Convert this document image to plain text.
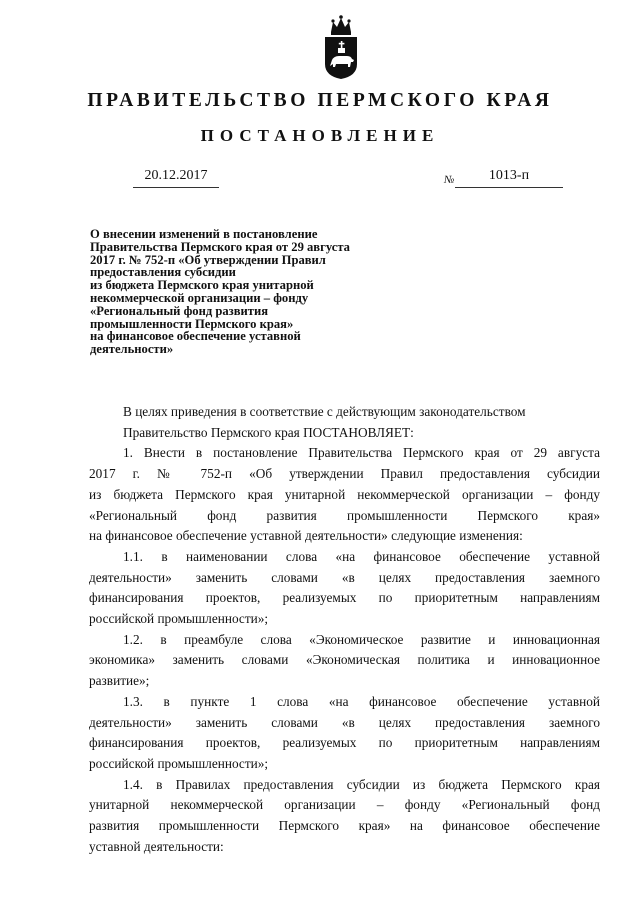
ПРАВИТЕЛЬСТВО ПЕРМСКОГО КРАЯ
ПОСТАНОВЛЕНИЕ
20.12.2017	№	1013-п
О внесении изменений в постановление
Правительства Пермского края от 29 августа
2017 г. № 752-п «Об утверждении Правил
предоставления субсидии
из бюджета Пермского края унитарной
некоммерческой организации – фонду
«Региональный фонд развития
промышленности Пермского края»
на финансовое обеспечение уставной
деятельности»
В целях приведения в соответствие с действующим законодательством
Правительство Пермского края ПОСТАНОВЛЯЕТ:
1. Внести в постановление Правительства Пермского края от 29 августа
2017 г. № 752-п «Об утверждении Правил предоставления субсидии
из бюджета Пермского края унитарной некоммерческой организации – фонду
«Региональный фонд развития промышленности Пермского края»
на финансовое обеспечение уставной деятельности» следующие изменения:
1.1. в наименовании слова «на финансовое обеспечение уставной
деятельности» заменить словами «в целях предоставления заемного
финансирования проектов, реализуемых по приоритетным направлениям
российской промышленности»;
1.2. в преамбуле слова «Экономическое развитие и инновационная
экономика» заменить словами «Экономическая политика и инновационное
развитие»;
1.3. в пункте 1 слова «на финансовое обеспечение уставной
деятельности» заменить словами «в целях предоставления заемного
финансирования проектов, реализуемых по приоритетным направлениям
российской промышленности»;
1.4. в Правилах предоставления субсидии из бюджета Пермского края
унитарной некоммерческой организации – фонду «Региональный фонд
развития промышленности Пермского края» на финансовое обеспечение
уставной деятельности:
